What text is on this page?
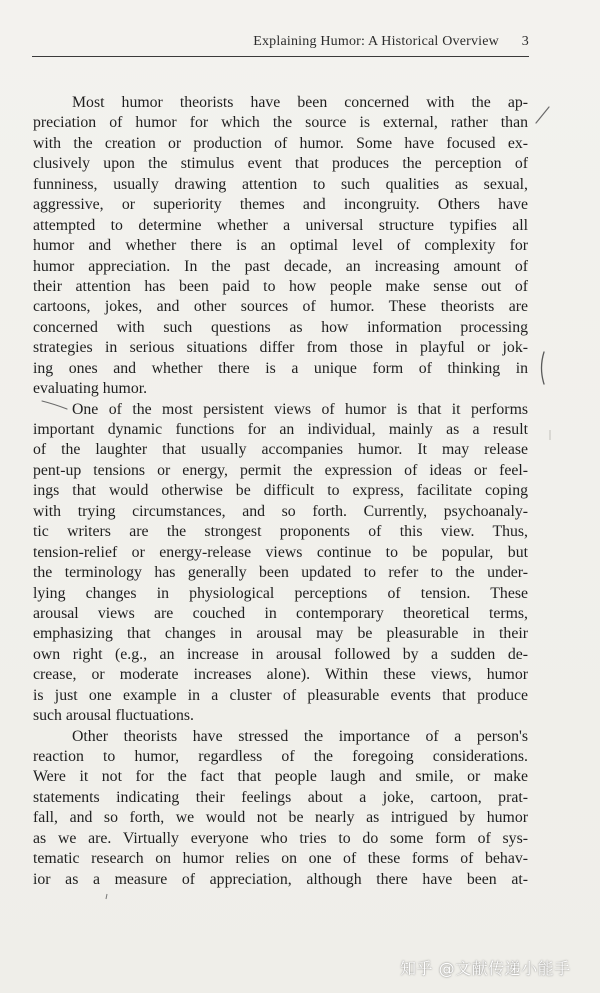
Explaining Humor: A Historical Overview 3
Most humor theorists have been concerned with the ap-
preciation of humor for which the source is external, rather than
with the creation or production of humor. Some have focused ex-
clusively upon the stimulus event that produces the perception of
funniness, usually drawing attention to such qualities as sexual,
aggressive, or superiority themes and incongruity. Others have
attempted to determine whether a universal structure typifies all
humor and whether there is an optimal level of complexity for
humor appreciation. In the past decade, an increasing amount of
their attention has been paid to how people make sense out of
cartoons, jokes, and other sources of humor. These theorists are
concerned with such questions as how information processing
strategies in serious situations differ from those in playful or jok-
ing ones and whether there is a unique form of thinking in
evaluating humor.
One of the most persistent views of humor is that it performs
important dynamic functions for an individual, mainly as a result
of the laughter that usually accompanies humor. It may release
pent-up tensions or energy, permit the expression of ideas or feel-
ings that would otherwise be difficult to express, facilitate coping
with trying circumstances, and so forth. Currently, psychoanaly-
tic writers are the strongest proponents of this view. Thus,
tension-relief or energy-release views continue to be popular, but
the terminology has generally been updated to refer to the under-
lying changes in physiological perceptions of tension. These
arousal views are couched in contemporary theoretical terms,
emphasizing that changes in arousal may be pleasurable in their
own right (e.g., an increase in arousal followed by a sudden de-
crease, or moderate increases alone). Within these views, humor
is just one example in a cluster of pleasurable events that produce
such arousal fluctuations.
Other theorists have stressed the importance of a person's
reaction to humor, regardless of the foregoing considerations.
Were it not for the fact that people laugh and smile, or make
statements indicating their feelings about a joke, cartoon, prat-
fall, and so forth, we would not be nearly as intrigued by humor
as we are. Virtually everyone who tries to do some form of sys-
tematic research on humor relies on one of these forms of behav-
ior as a measure of appreciation, although there have been at-
知乎 @文献传递小能手
